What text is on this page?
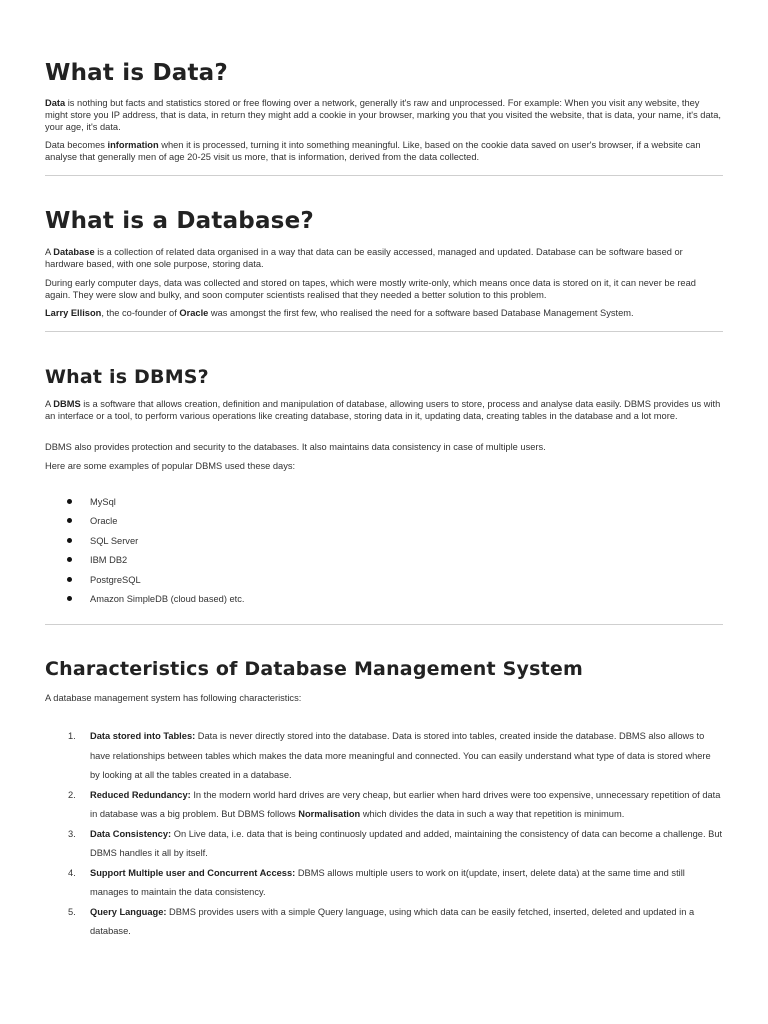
What is Data?

Data is nothing but facts and statistics stored or free flowing over a network, generally it's raw and unprocessed. For example: When you visit any website, they might store you IP address, that is data, in return they might add a cookie in your browser, marking you that you visited the website, that is data, your name, it's data, your age, it's data.

Data becomes information when it is processed, turning it into something meaningful. Like, based on the cookie data saved on user's browser, if a website can analyse that generally men of age 20-25 visit us more, that is information, derived from the data collected.

What is a Database?

A Database is a collection of related data organised in a way that data can be easily accessed, managed and updated. Database can be software based or hardware based, with one sole purpose, storing data.

During early computer days, data was collected and stored on tapes, which were mostly write-only, which means once data is stored on it, it can never be read again. They were slow and bulky, and soon computer scientists realised that they needed a better solution to this problem.

Larry Ellison, the co-founder of Oracle was amongst the first few, who realised the need for a software based Database Management System.

What is DBMS?

A DBMS is a software that allows creation, definition and manipulation of database, allowing users to store, process and analyse data easily. DBMS provides us with an interface or a tool, to perform various operations like creating database, storing data in it, updating data, creating tables in the database and a lot more.

DBMS also provides protection and security to the databases. It also maintains data consistency in case of multiple users.

Here are some examples of popular DBMS used these days:

MySql
Oracle
SQL Server
IBM DB2
PostgreSQL
Amazon SimpleDB (cloud based) etc.
Characteristics of Database Management System

A database management system has following characteristics:

1. Data stored into Tables: Data is never directly stored into the database. Data is stored into tables, created inside the database. DBMS also allows to have relationships between tables which makes the data more meaningful and connected. You can easily understand what type of data is stored where by looking at all the tables created in a database.
2. Reduced Redundancy: In the modern world hard drives are very cheap, but earlier when hard drives were too expensive, unnecessary repetition of data in database was a big problem. But DBMS follows Normalisation which divides the data in such a way that repetition is minimum.
3. Data Consistency: On Live data, i.e. data that is being continuosly updated and added, maintaining the consistency of data can become a challenge. But DBMS handles it all by itself.
4. Support Multiple user and Concurrent Access: DBMS allows multiple users to work on it(update, insert, delete data) at the same time and still manages to maintain the data consistency.
5. Query Language: DBMS provides users with a simple Query language, using which data can be easily fetched, inserted, deleted and updated in a database.
